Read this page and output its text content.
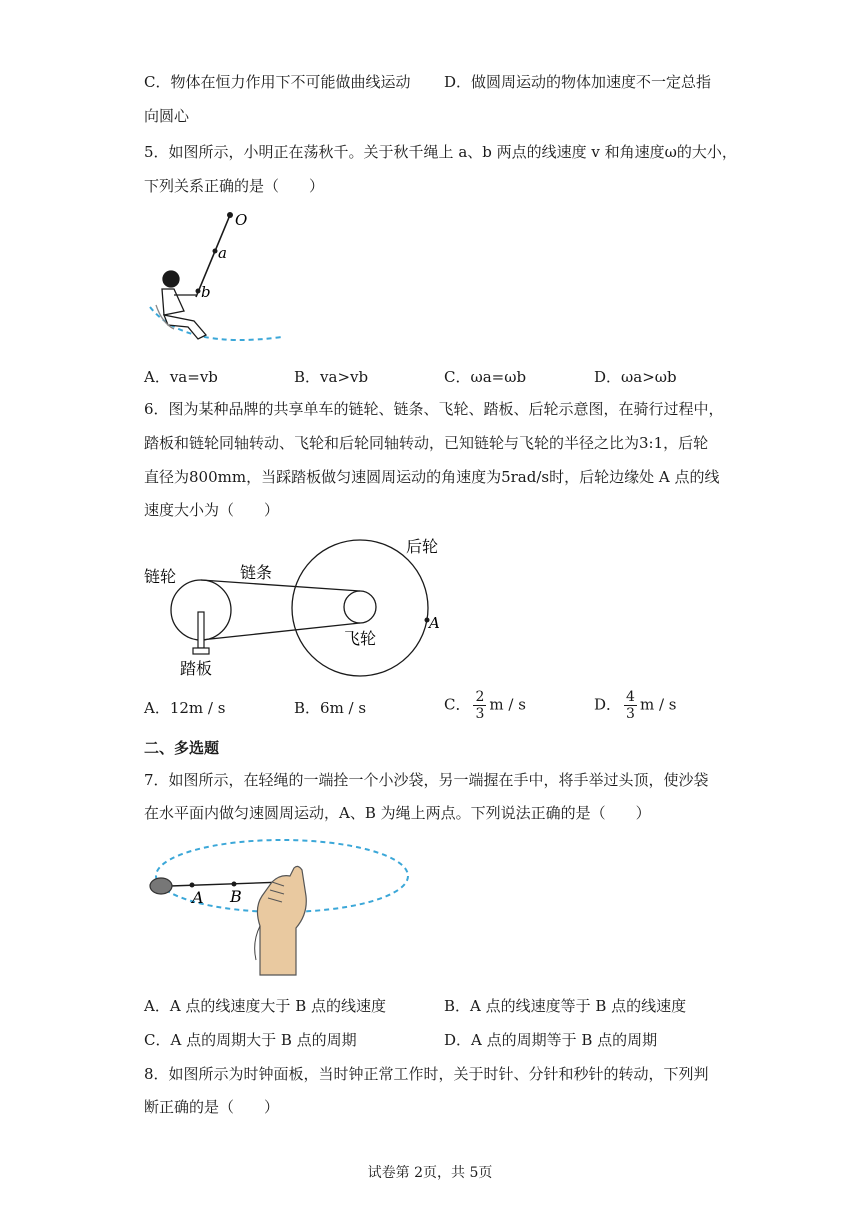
C．物体在恒力作用下不可能做曲线运动 D．做圆周运动的物体加速度不一定总指
向圆心
5．如图所示，小明正在荡秋千。关于秋千绳上 a、b 两点的线速度 v 和角速度ω的大小，
下列关系正确的是（　　）
O
a
b
A．va=vb	B．va>vb	C．ωa=ωb	D．ωa>ωb
6．图为某种品牌的共享单车的链轮、链条、飞轮、踏板、后轮示意图，在骑行过程中，
踏板和链轮同轴转动、飞轮和后轮同轴转动，已知链轮与飞轮的半径之比为3:1，后轮
直径为800mm，当踩踏板做匀速圆周运动的角速度为5rad/s时，后轮边缘处 A 点的线
速度大小为（　　）
链轮	链条
后轮
飞轮
踏板
A
A．12m / s	B．6m / s	C． $\frac{2}{3}$ m / s	D． $\frac{4}{3}$ m / s
二、多选题
7．如图所示，在轻绳的一端拴一个小沙袋，另一端握在手中，将手举过头顶，使沙袋
在水平面内做匀速圆周运动，A、B 为绳上两点。下列说法正确的是（　　）
A B
A．A 点的线速度大于 B 点的线速度	B．A 点的线速度等于 B 点的线速度
C．A 点的周期大于 B 点的周期	D．A 点的周期等于 B 点的周期
8．如图所示为时钟面板，当时钟正常工作时，关于时针、分针和秒针的转动，下列判
断正确的是（　　）
试卷第 2页，共 5页
